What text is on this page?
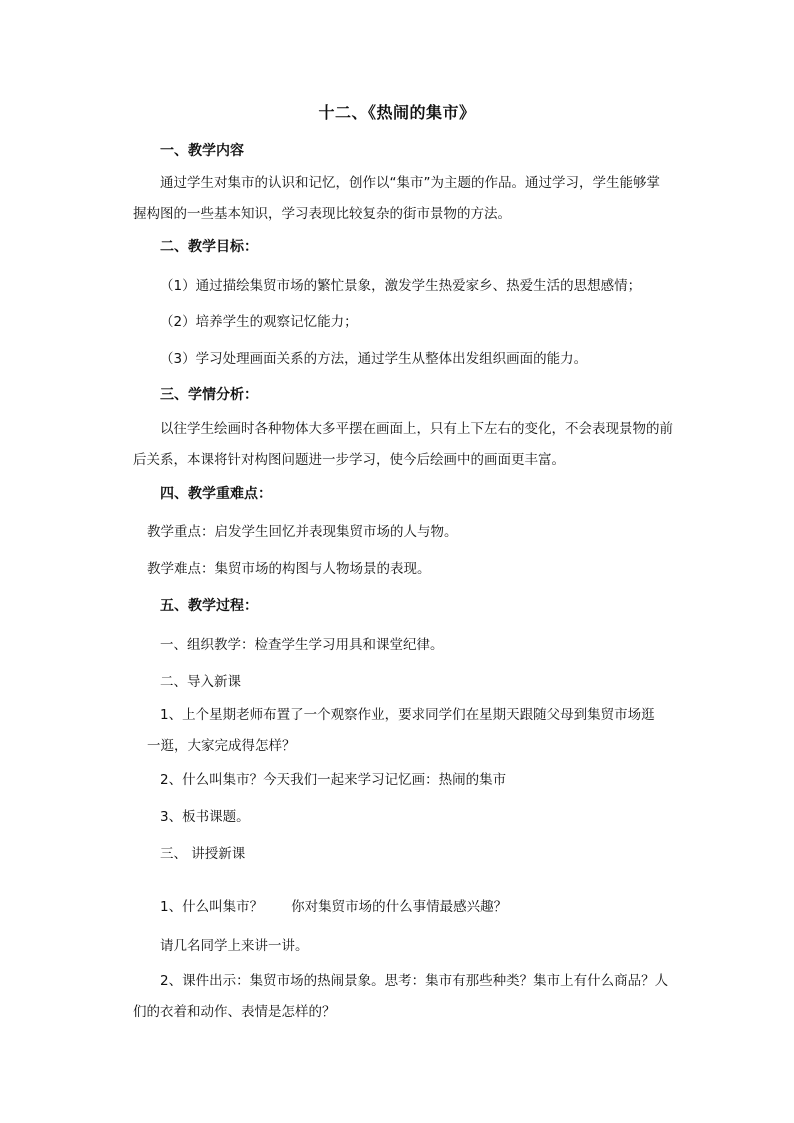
十二、《热闹的集市》
一、教学内容
通过学生对集市的认识和记忆，创作以“集市”为主题的作品。通过学习，学生能够掌握构图的一些基本知识，学习表现比较复杂的街市景物的方法。
二、教学目标：
（1）通过描绘集贸市场的繁忙景象，激发学生热爱家乡、热爱生活的思想感情；
（2）培养学生的观察记忆能力；
（3）学习处理画面关系的方法，通过学生从整体出发组织画面的能力。
三、学情分析：
以往学生绘画时各种物体大多平摆在画面上，只有上下左右的变化，不会表现景物的前后关系，本课将针对构图问题进一步学习，使今后绘画中的画面更丰富。
四、教学重难点：
教学重点：启发学生回忆并表现集贸市场的人与物。
教学难点：集贸市场的构图与人物场景的表现。
五、教学过程：
一、组织教学：检查学生学习用具和课堂纪律。
二、导入新课
1、上个星期老师布置了一个观察作业，要求同学们在星期天跟随父母到集贸市场逛一逛，大家完成得怎样？
2、什么叫集市？今天我们一起来学习记忆画：热闹的集市
3、板书课题。
三、 讲授新课
1、什么叫集市？ 你对集贸市场的什么事情最感兴趣？
请几名同学上来讲一讲。
2、课件出示：集贸市场的热闹景象。思考：集市有那些种类？集市上有什么商品？人们的衣着和动作、表情是怎样的？
